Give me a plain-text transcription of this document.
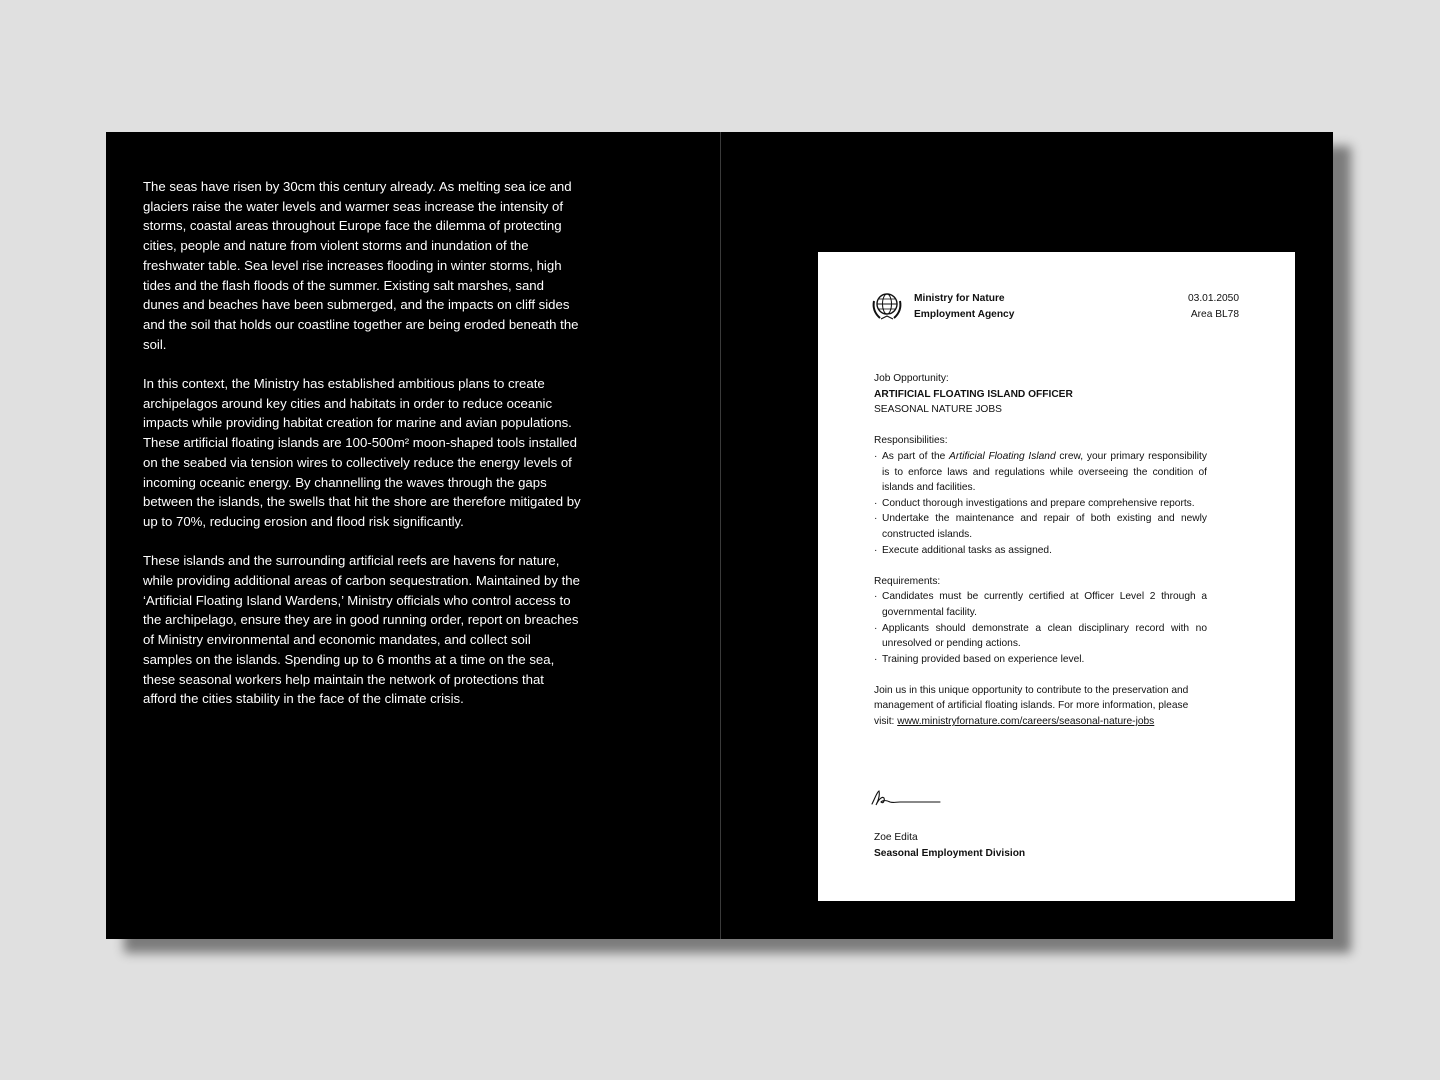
The seas have risen by 30cm this century already. As melting sea ice and glaciers raise the water levels and warmer seas increase the intensity of storms, coastal areas throughout Europe face the dilemma of protecting cities, people and nature from violent storms and inundation of the freshwater table. Sea level rise increases flooding in winter storms, high tides and the flash floods of the summer. Existing salt marshes, sand dunes and beaches have been submerged, and the impacts on cliff sides and the soil that holds our coastline together are being eroded beneath the soil.

In this context, the Ministry has established ambitious plans to create archipelagos around key cities and habitats in order to reduce oceanic impacts while providing habitat creation for marine and avian populations. These artificial floating islands are 100-500m² moon-shaped tools installed on the seabed via tension wires to collectively reduce the energy levels of incoming oceanic energy. By channelling the waves through the gaps between the islands, the swells that hit the shore are therefore mitigated by up to 70%, reducing erosion and flood risk significantly.

These islands and the surrounding artificial reefs are havens for nature, while providing additional areas of carbon sequestration. Maintained by the ‘Artificial Floating Island Wardens,’ Ministry officials who control access to the archipelago, ensure they are in good running order, report on breaches of Ministry environmental and economic mandates, and collect soil samples on the islands. Spending up to 6 months at a time on the sea, these seasonal workers help maintain the network of protections that afford the cities stability in the face of the climate crisis.

Ministry for Nature
Employment Agency
03.01.2050
Area BL78
Job Opportunity:
ARTIFICIAL FLOATING ISLAND OFFICER
SEASONAL NATURE JOBS
Responsibilities:
· As part of the Artificial Floating Island crew, your primary responsibility is to enforce laws and regulations while overseeing the condition of islands and facilities.
· Conduct thorough investigations and prepare comprehensive reports.
· Undertake the maintenance and repair of both existing and newly constructed islands.
· Execute additional tasks as assigned.
Requirements:
· Candidates must be currently certified at Officer Level 2 through a governmental facility.
· Applicants should demonstrate a clean disciplinary record with no unresolved or pending actions.
· Training provided based on experience level.
Join us in this unique opportunity to contribute to the preservation and management of artificial floating islands. For more information, please visit: www.ministryfornature.com/careers/seasonal-nature-jobs
Zoe Edita
Seasonal Employment Division
